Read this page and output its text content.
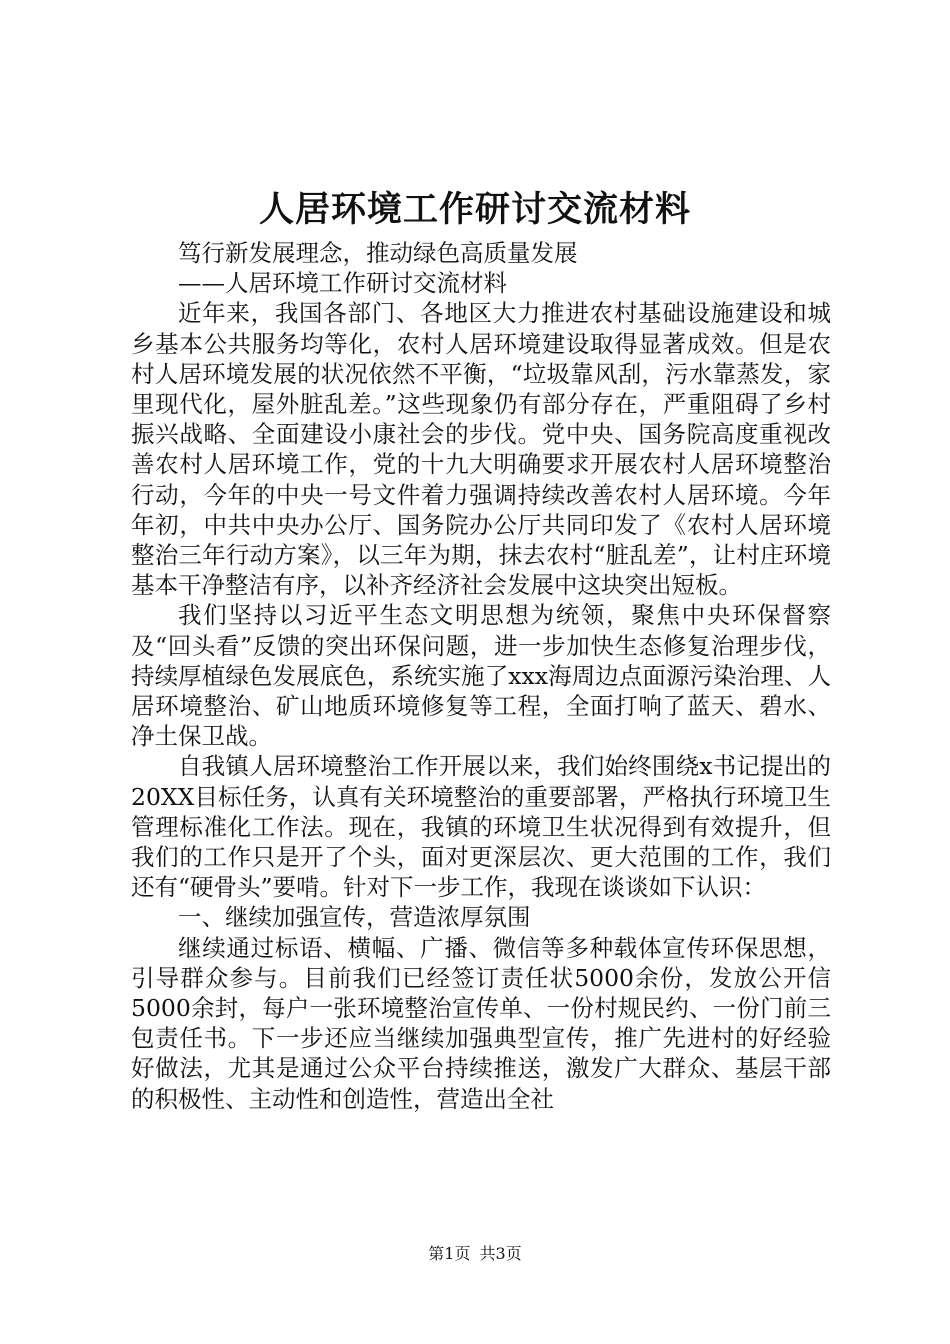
人居环境工作研讨交流材料

笃行新发展理念，推动绿色高质量发展

——人居环境工作研讨交流材料

近年来，我国各部门、各地区大力推进农村基础设施建设和城乡基本公共服务均等化，农村人居环境建设取得显著成效。但是农村人居环境发展的状况依然不平衡，“垃圾靠风刮，污水靠蒸发，家里现代化，屋外脏乱差。”这些现象仍有部分存在，严重阻碍了乡村振兴战略、全面建设小康社会的步伐。党中央、国务院高度重视改善农村人居环境工作，党的十九大明确要求开展农村人居环境整治行动，今年的中央一号文件着力强调持续改善农村人居环境。今年年初，中共中央办公厅、国务院办公厅共同印发了《农村人居环境整治三年行动方案》，以三年为期，抹去农村“脏乱差”，让村庄环境基本干净整洁有序，以补齐经济社会发展中这块突出短板。

我们坚持以习近平生态文明思想为统领，聚焦中央环保督察及“回头看”反馈的突出环保问题，进一步加快生态修复治理步伐，持续厚植绿色发展底色，系统实施了xxx海周边点面源污染治理、人居环境整治、矿山地质环境修复等工程，全面打响了蓝天、碧水、净土保卫战。

自我镇人居环境整治工作开展以来，我们始终围绕x书记提出的20XX目标任务，认真有关环境整治的重要部署，严格执行环境卫生管理标准化工作法。现在，我镇的环境卫生状况得到有效提升，但我们的工作只是开了个头，面对更深层次、更大范围的工作，我们还有“硬骨头”要啃。针对下一步工作，我现在谈谈如下认识：

一、继续加强宣传，营造浓厚氛围

继续通过标语、横幅、广播、微信等多种载体宣传环保思想，引导群众参与。目前我们已经签订责任状5000余份，发放公开信5000余封，每户一张环境整治宣传单、一份村规民约、一份门前三包责任书。下一步还应当继续加强典型宣传，推广先进村的好经验好做法，尤其是通过公众平台持续推送，激发广大群众、基层干部的积极性、主动性和创造性，营造出全社

第1页 共3页
